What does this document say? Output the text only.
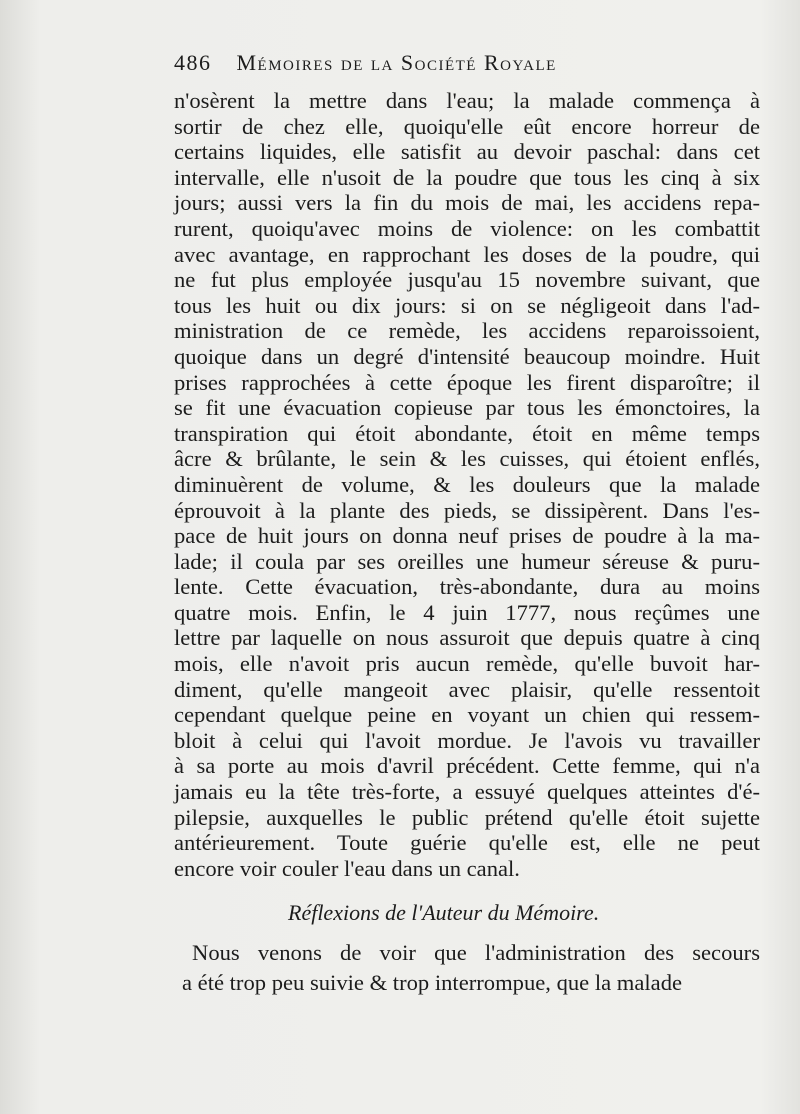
486 Mémoires de la Société Royale
n'osèrent la mettre dans l'eau; la malade commença à
sortir de chez elle, quoiqu'elle eût encore horreur de
certains liquides, elle satisfit au devoir paschal: dans cet
intervalle, elle n'usoit de la poudre que tous les cinq à six
jours; aussi vers la fin du mois de mai, les accidens repa-
rurent, quoiqu'avec moins de violence: on les combattit
avec avantage, en rapprochant les doses de la poudre, qui
ne fut plus employée jusqu'au 15 novembre suivant, que
tous les huit ou dix jours: si on se négligeoit dans l'ad-
ministration de ce remède, les accidens reparoissoient,
quoique dans un degré d'intensité beaucoup moindre. Huit
prises rapprochées à cette époque les firent disparoître; il
se fit une évacuation copieuse par tous les émonctoires, la
transpiration qui étoit abondante, étoit en même temps
âcre & brûlante, le sein & les cuisses, qui étoient enflés,
diminuèrent de volume, & les douleurs que la malade
éprouvoit à la plante des pieds, se dissipèrent. Dans l'es-
pace de huit jours on donna neuf prises de poudre à la ma-
lade; il coula par ses oreilles une humeur séreuse & puru-
lente. Cette évacuation, très-abondante, dura au moins
quatre mois. Enfin, le 4 juin 1777, nous reçûmes une
lettre par laquelle on nous assuroit que depuis quatre à cinq
mois, elle n'avoit pris aucun remède, qu'elle buvoit har-
diment, qu'elle mangeoit avec plaisir, qu'elle ressentoit
cependant quelque peine en voyant un chien qui ressem-
bloit à celui qui l'avoit mordue. Je l'avois vu travailler
à sa porte au mois d'avril précédent. Cette femme, qui n'a
jamais eu la tête très-forte, a essuyé quelques atteintes d'é-
pilepsie, auxquelles le public prétend qu'elle étoit sujette
antérieurement. Toute guérie qu'elle est, elle ne peut
encore voir couler l'eau dans un canal.
Réflexions de l'Auteur du Mémoire.
Nous venons de voir que l'administration des secours
a été trop peu suivie & trop interrompue, que la malade
